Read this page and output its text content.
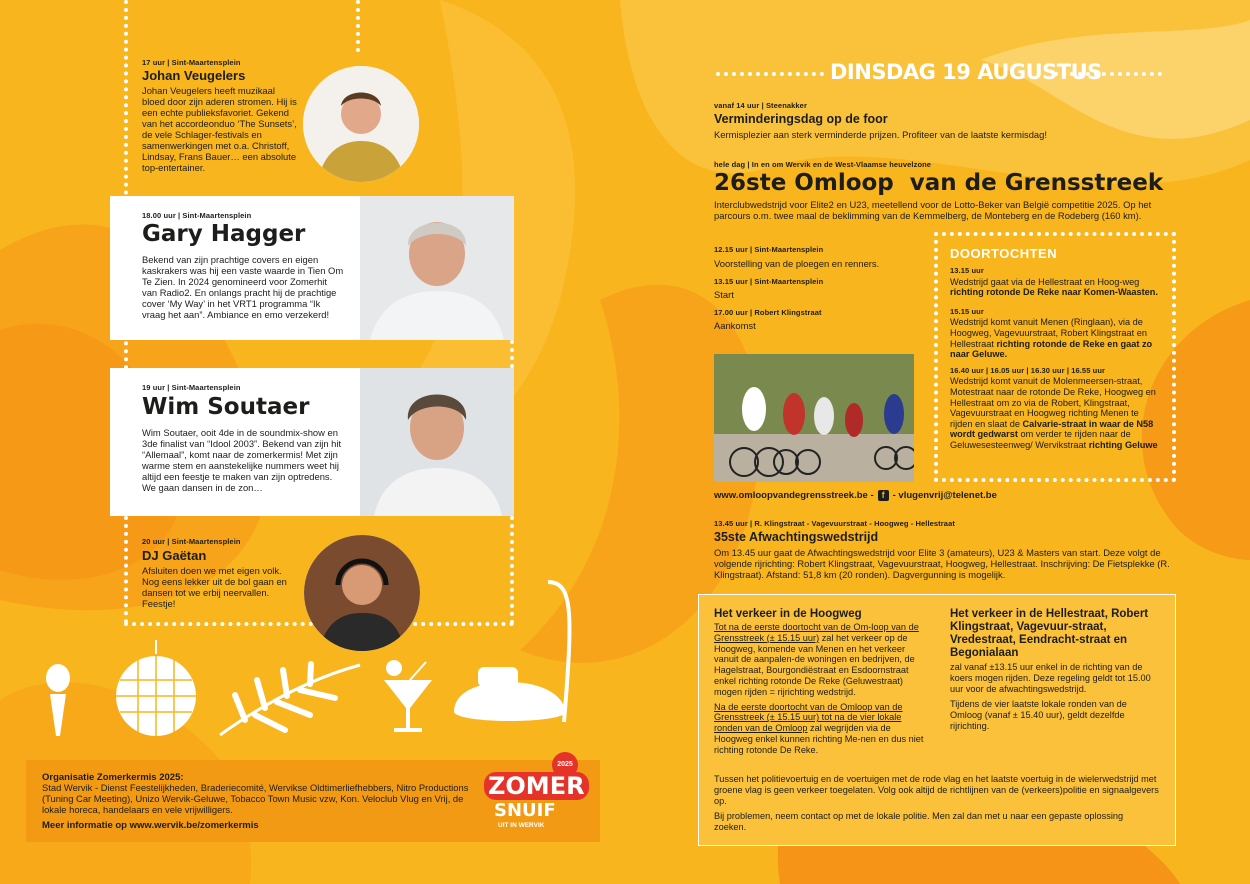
17 uur | Sint-Maartensplein
Johan Veugelers
Johan Veugelers heeft muzikaal bloed door zijn aderen stromen. Hij is een echte publieksfavoriet. Gekend van het accordeonduo ‘The Sunsets’, de vele Schlager-festivals en samenwerkingen met o.a. Christoff, Lindsay, Frans Bauer… een absolute top-entertainer.
18.00 uur | Sint-Maartensplein
Gary Hagger
Bekend van zijn prachtige covers en eigen kaskrakers was hij een vaste waarde in Tien Om Te Zien. In 2024 genomineerd voor Zomerhit van Radio2. En onlangs pracht hij de prachtige cover ‘My Way’ in het VRT1 programma “Ik vraag het aan”. Ambiance en emo verzekerd!
19 uur | Sint-Maartensplein
Wim Soutaer
Wim Soutaer, ooit 4de in de soundmix-show en 3de finalist van “Idool 2003”. Bekend van zijn hit “Allemaal”, komt naar de zomerkermis! Met zijn warme stem en aanstekelijke nummers weet hij altijd een feestje te maken van zijn optredens. We gaan dansen in de zon…
20 uur | Sint-Maartensplein
DJ Gaëtan
Afsluiten doen we met eigen volk. Nog eens lekker uit de bol gaan en dansen tot we erbij neervallen. Feestje!
Organisatie Zomerkermis 2025:
Stad Wervik - Dienst Feestelijkheden, Braderiecomité, Wervikse Oldtimerliefhebbers, Nitro Productions (Tuning Car Meeting), Unizo Wervik-Geluwe, Tobacco Town Music vzw, Kon. Veloclub Vlug en Vrij, de lokale horeca, handelaars en vele vrijwilligers.
Meer informatie op www.wervik.be/zomerkermis
2025
ZOMER
SNUIF
UIT IN WERVIK
DINSDAG 19 AUGUSTUS
vanaf 14 uur | Steenakker
Verminderingsdag op de foor
Kermisplezier aan sterk verminderde prijzen. Profiteer van de laatste kermisdag!
hele dag | In en om Wervik en de West-Vlaamse heuvelzone
26ste Omloop  van de Grensstreek
Interclubwedstrijd voor Elite2 en U23, meetellend voor de Lotto-Beker van België competitie 2025. Op het parcours o.m. twee maal de beklimming van de Kemmelberg, de Monteberg en de Rodeberg (160 km).
12.15 uur | Sint-Maartensplein
Voorstelling van de ploegen en renners.
13.15 uur | Sint-Maartensplein
Start
17.00 uur | Robert Klingstraat
Aankomst
DOORTOCHTEN
13.15 uur
Wedstrijd gaat via de Hellestraat en Hoog-weg richting rotonde De Reke naar Komen-Waasten.
15.15 uur
Wedstrijd komt vanuit Menen (Ringlaan), via de Hoogweg, Vagevuurstraat, Robert Klingstraat en Hellestraat richting rotonde de Reke en gaat zo naar Geluwe.
16.40 uur | 16.05 uur | 16.30 uur | 16.55 uur
Wedstrijd komt vanuit de Molenmeersen-straat, Motestraat naar de rotonde De Reke, Hoogweg en Hellestraat om zo via de Robert, Klingstraat, Vagevuurstraat en Hoogweg richting Menen te rijden en slaat de Calvarie-straat in waar de N58 wordt gedwarst om verder te rijden naar de Geluwesesteenweg/ Wervikstraat richting Geluwe
www.omloopvandegrensstreek.be - f - vlugenvrij@telenet.be
13.45 uur | R. Klingstraat - Vagevuurstraat - Hoogweg - Hellestraat
35ste Afwachtingswedstrijd
Om 13.45 uur gaat de Afwachtingswedstrijd voor Elite 3 (amateurs), U23 & Masters van start. Deze volgt de volgende rijrichting: Robert Klingstraat, Vagevuurstraat, Hoogweg, Hellestraat. Inschrijving: De Fietsplekke (R. Klingstraat). Afstand: 51,8 km (20 ronden). Dagvergunning is mogelijk.
Het verkeer in de Hoogweg
Tot na de eerste doortocht van de Om-loop van de Grensstreek (± 15.15 uur) zal het verkeer op de Hoogweg, komende van Menen en het verkeer vanuit de aanpalen-de woningen en bedrijven, de Hagelstraat, Bourgondiëstraat en Esdoornstraat enkel richting rotonde De Reke (Geluwestraat) mogen rijden = rijrichting wedstrijd.
Na de eerste doortocht van de Omloop van de Grensstreek (± 15.15 uur) tot na de vier lokale ronden van de Omloop zal wegrijden via de Hoogweg enkel kunnen richting Me-nen en dus niet richting rotonde De Reke.
Het verkeer in de Hellestraat, Robert Klingstraat, Vagevuur-straat, Vredestraat, Eendracht-straat en Begonialaan
zal vanaf ±13.15 uur enkel in de richting van de koers mogen rijden. Deze regeling geldt tot 15.00 uur voor de afwachtingswedstrijd.
Tijdens de vier laatste lokale ronden van de Omloog (vanaf ± 15.40 uur), geldt dezelfde rijrichting.
Tussen het politievoertuig en de voertuigen met de rode vlag en het laatste voertuig in de wielerwedstrijd met groene vlag is geen verkeer toegelaten. Volg ook altijd de richtlijnen van de (verkeers)politie en signaalgevers op.
Bij problemen, neem contact op met de lokale politie. Men zal dan met u naar een gepaste oplossing zoeken.
